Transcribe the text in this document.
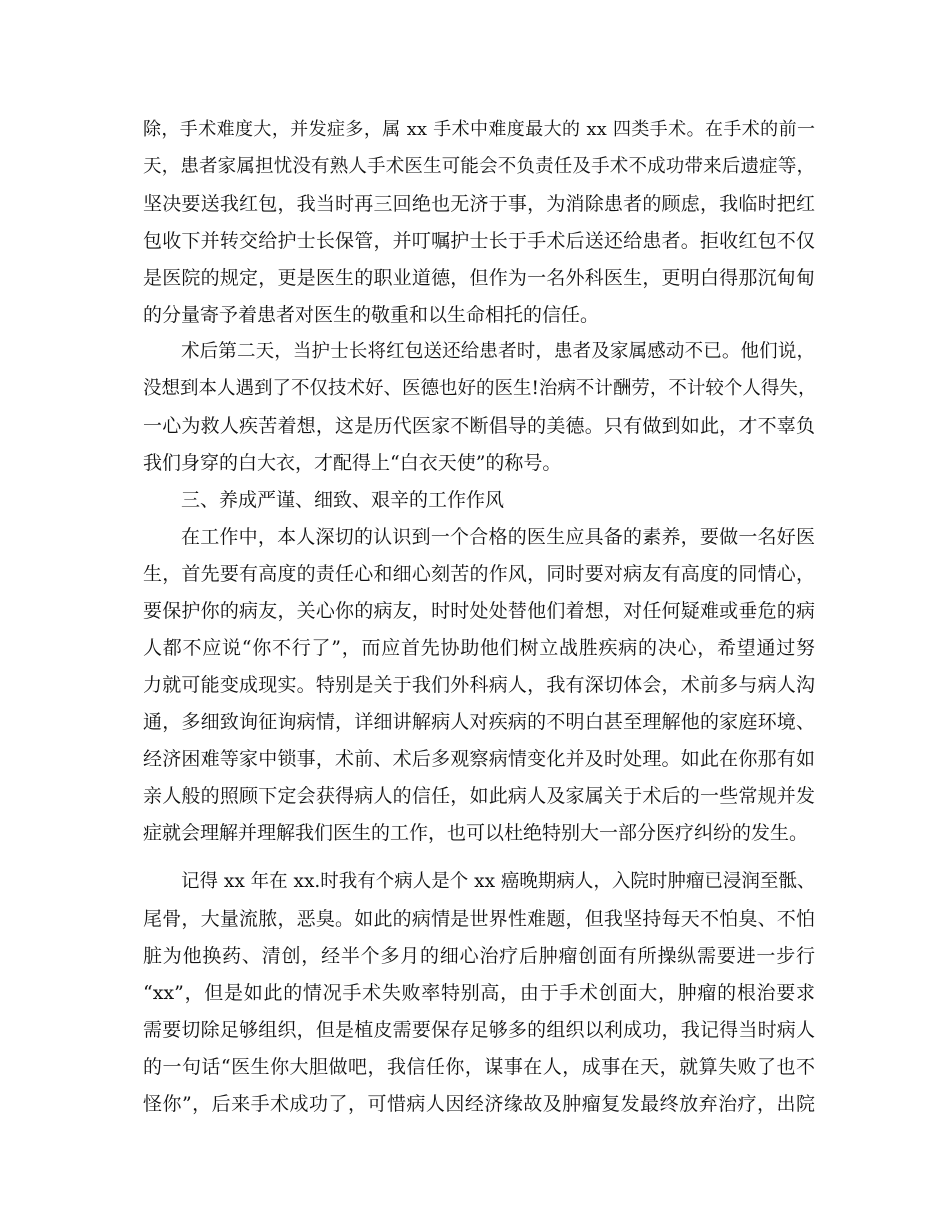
除，手术难度大，并发症多，属 xx 手术中难度最大的 xx 四类手术。在手术的前一
天，患者家属担忧没有熟人手术医生可能会不负责任及手术不成功带来后遗症等，
坚决要送我红包，我当时再三回绝也无济于事，为消除患者的顾虑，我临时把红
包收下并转交给护士长保管，并叮嘱护士长于手术后送还给患者。拒收红包不仅
是医院的规定，更是医生的职业道德，但作为一名外科医生，更明白得那沉甸甸
的分量寄予着患者对医生的敬重和以生命相托的信任。
术后第二天，当护士长将红包送还给患者时，患者及家属感动不已。他们说，
没想到本人遇到了不仅技术好、医德也好的医生!治病不计酬劳，不计较个人得失，
一心为救人疾苦着想，这是历代医家不断倡导的美德。只有做到如此，才不辜负
我们身穿的白大衣，才配得上“白衣天使”的称号。
三、养成严谨、细致、艰辛的工作作风
在工作中，本人深切的认识到一个合格的医生应具备的素养，要做一名好医
生，首先要有高度的责任心和细心刻苦的作风，同时要对病友有高度的同情心，
要保护你的病友，关心你的病友，时时处处替他们着想，对任何疑难或垂危的病
人都不应说“你不行了”，而应首先协助他们树立战胜疾病的决心，希望通过努
力就可能变成现实。特别是关于我们外科病人，我有深切体会，术前多与病人沟
通，多细致询征询病情，详细讲解病人对疾病的不明白甚至理解他的家庭环境、
经济困难等家中锁事，术前、术后多观察病情变化并及时处理。如此在你那有如
亲人般的照顾下定会获得病人的信任，如此病人及家属关于术后的一些常规并发
症就会理解并理解我们医生的工作，也可以杜绝特别大一部分医疗纠纷的发生。
记得 xx 年在 xx.时我有个病人是个 xx 癌晚期病人，入院时肿瘤已浸润至骶、
尾骨，大量流脓，恶臭。如此的病情是世界性难题，但我坚持每天不怕臭、不怕
脏为他换药、清创，经半个多月的细心治疗后肿瘤创面有所操纵需要进一步行
“xx”，但是如此的情况手术失败率特别高，由于手术创面大，肿瘤的根治要求
需要切除足够组织，但是植皮需要保存足够多的组织以利成功，我记得当时病人
的一句话“医生你大胆做吧，我信任你，谋事在人，成事在天，就算失败了也不
怪你”，后来手术成功了，可惜病人因经济缘故及肿瘤复发最终放弃治疗，出院
